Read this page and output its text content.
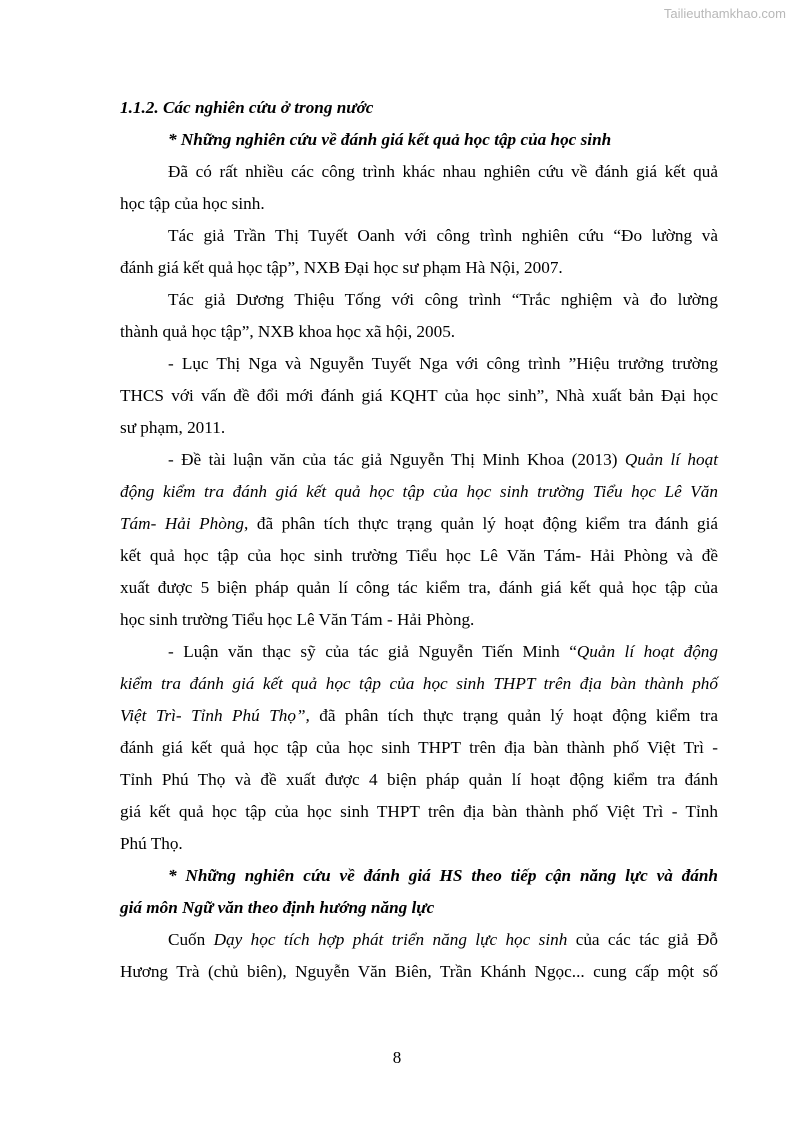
Tailieuthamkhao.com
1.1.2. Các nghiên cứu ở trong nước
* Những nghiên cứu về đánh giá kết quả học tập của học sinh
Đã có rất nhiều các công trình khác nhau nghiên cứu về đánh giá kết quả
học tập của học sinh.
Tác giả Trần Thị Tuyết Oanh với công trình nghiên cứu “Đo lường và
đánh giá kết quả học tập”, NXB Đại học sư phạm Hà Nội, 2007.
Tác giả Dương Thiệu Tống với công trình “Trắc nghiệm và đo lường
thành quả học tập”, NXB khoa học xã hội, 2005.
- Lục Thị Nga và Nguyễn Tuyết Nga với công trình ”Hiệu trưởng trường
THCS với vấn đề đổi mới đánh giá KQHT của học sinh”, Nhà xuất bản Đại học
sư phạm, 2011.
- Đề tài luận văn của tác giả Nguyễn Thị Minh Khoa (2013) Quản lí hoạt
động kiểm tra đánh giá kết quả học tập của học sinh trường Tiểu học Lê Văn
Tám- Hải Phòng, đã phân tích thực trạng quản lý hoạt động kiểm tra đánh giá
kết quả học tập của học sinh trường Tiểu học Lê Văn Tám- Hải Phòng và đề
xuất được 5 biện pháp quản lí công tác kiểm tra, đánh giá kết quả học tập của
học sinh trường Tiểu học Lê Văn Tám - Hải Phòng.
- Luận văn thạc sỹ của tác giả Nguyễn Tiến Minh “Quản lí hoạt động
kiểm tra đánh giá kết quả học tập của học sinh THPT trên địa bàn thành phố
Việt Trì- Tỉnh Phú Thọ”, đã phân tích thực trạng quản lý hoạt động kiểm tra
đánh giá kết quả học tập của học sinh THPT trên địa bàn thành phố Việt Trì -
Tỉnh Phú Thọ và đề xuất được 4 biện pháp quản lí hoạt động kiểm tra đánh
giá kết quả học tập của học sinh THPT trên địa bàn thành phố Việt Trì - Tỉnh
Phú Thọ.
* Những nghiên cứu về đánh giá HS theo tiếp cận năng lực và đánh
giá môn Ngữ văn theo định hướng năng lực
Cuốn Dạy học tích hợp phát triển năng lực học sinh của các tác giả Đỗ
Hương Trà (chủ biên), Nguyễn Văn Biên, Trần Khánh Ngọc... cung cấp một số
8
